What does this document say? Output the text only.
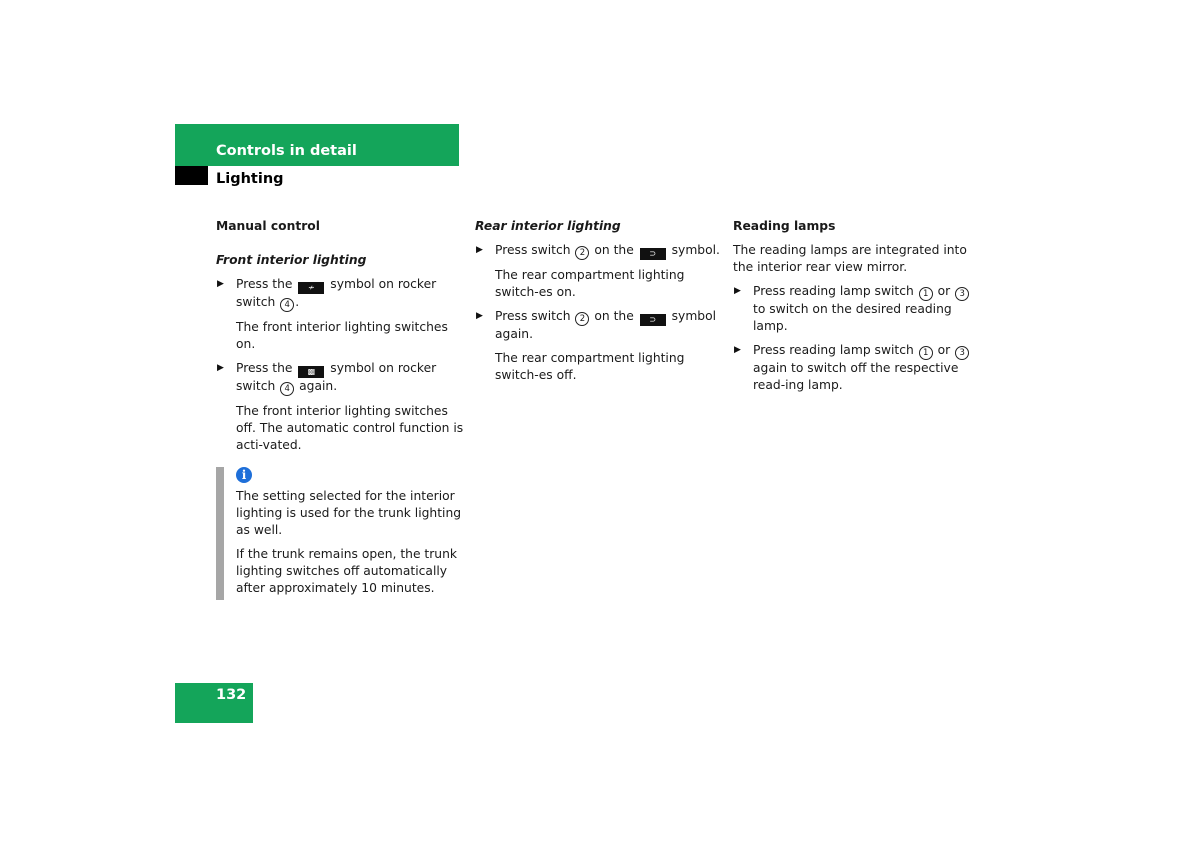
Controls in detail
Lighting

Manual control

Front interior lighting

▶ Press the ≁ symbol on rocker switch 4 .

The front interior lighting switches on.

▶ Press the ▩ symbol on rocker switch 4 again.

The front interior lighting switches off. The automatic control function is acti-vated.

i

The setting selected for the interior lighting is used for the trunk lighting as well.

If the trunk remains open, the trunk lighting switches off automatically after approximately 10 minutes.

Rear interior lighting

▶ Press switch 2 on the ⊃ symbol.

The rear compartment lighting switch-es on.

▶ Press switch 2 on the ⊃ symbol again.

The rear compartment lighting switch-es off.

Reading lamps

The reading lamps are integrated into the interior rear view mirror.

▶ Press reading lamp switch 1 or 3 to switch on the desired reading lamp.

▶ Press reading lamp switch 1 or 3 again to switch off the respective read-ing lamp.

132
